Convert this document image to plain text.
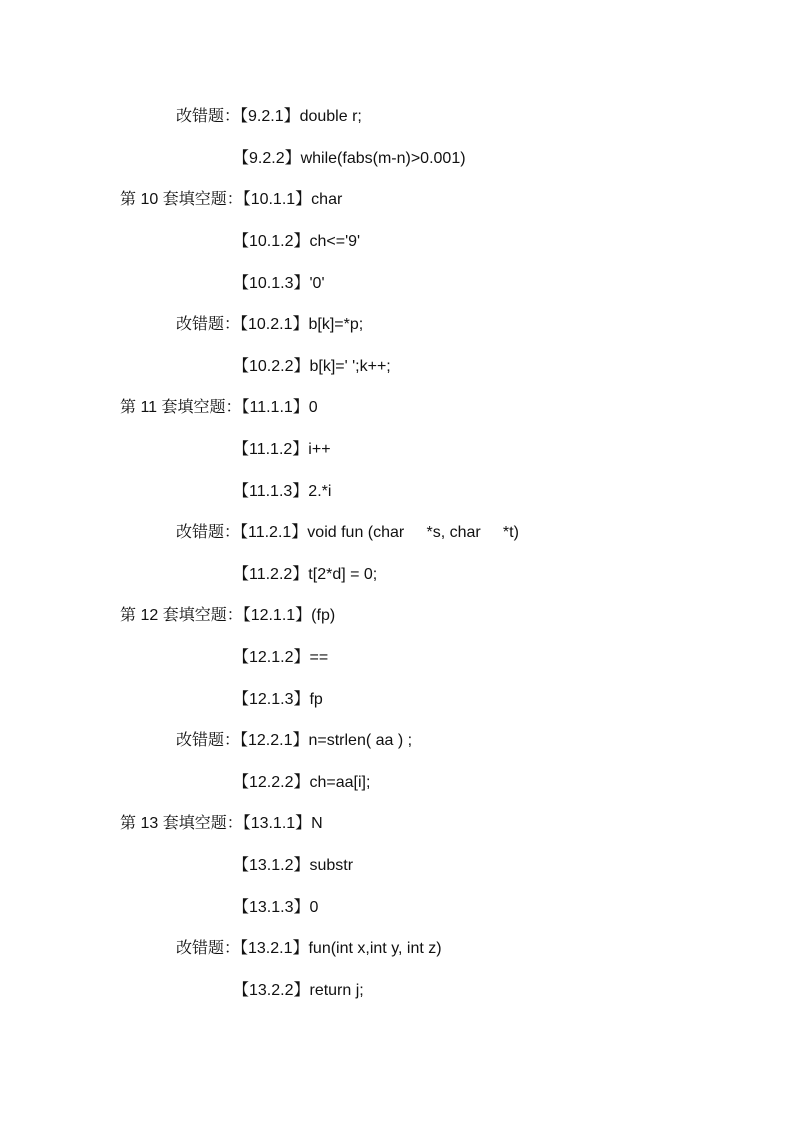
改错题：【9.2.1】double r;
【9.2.2】while(fabs(m-n)>0.001)
第 10 套填空题：【10.1.1】char
【10.1.2】ch<='9'
【10.1.3】'0'
改错题：【10.2.1】b[k]=*p;
【10.2.2】b[k]=' ';k++;
第 11 套填空题：【11.1.1】0
【11.1.2】i++
【11.1.3】2.*i
改错题：【11.2.1】void fun (char     *s, char     *t)
【11.2.2】t[2*d] = 0;
第 12 套填空题：【12.1.1】(fp)
【12.1.2】==
【12.1.3】fp
改错题：【12.2.1】n=strlen( aa ) ;
【12.2.2】ch=aa[i];
第 13 套填空题：【13.1.1】N
【13.1.2】substr
【13.1.3】0
改错题：【13.2.1】fun(int x,int y, int z)
【13.2.2】return j;
